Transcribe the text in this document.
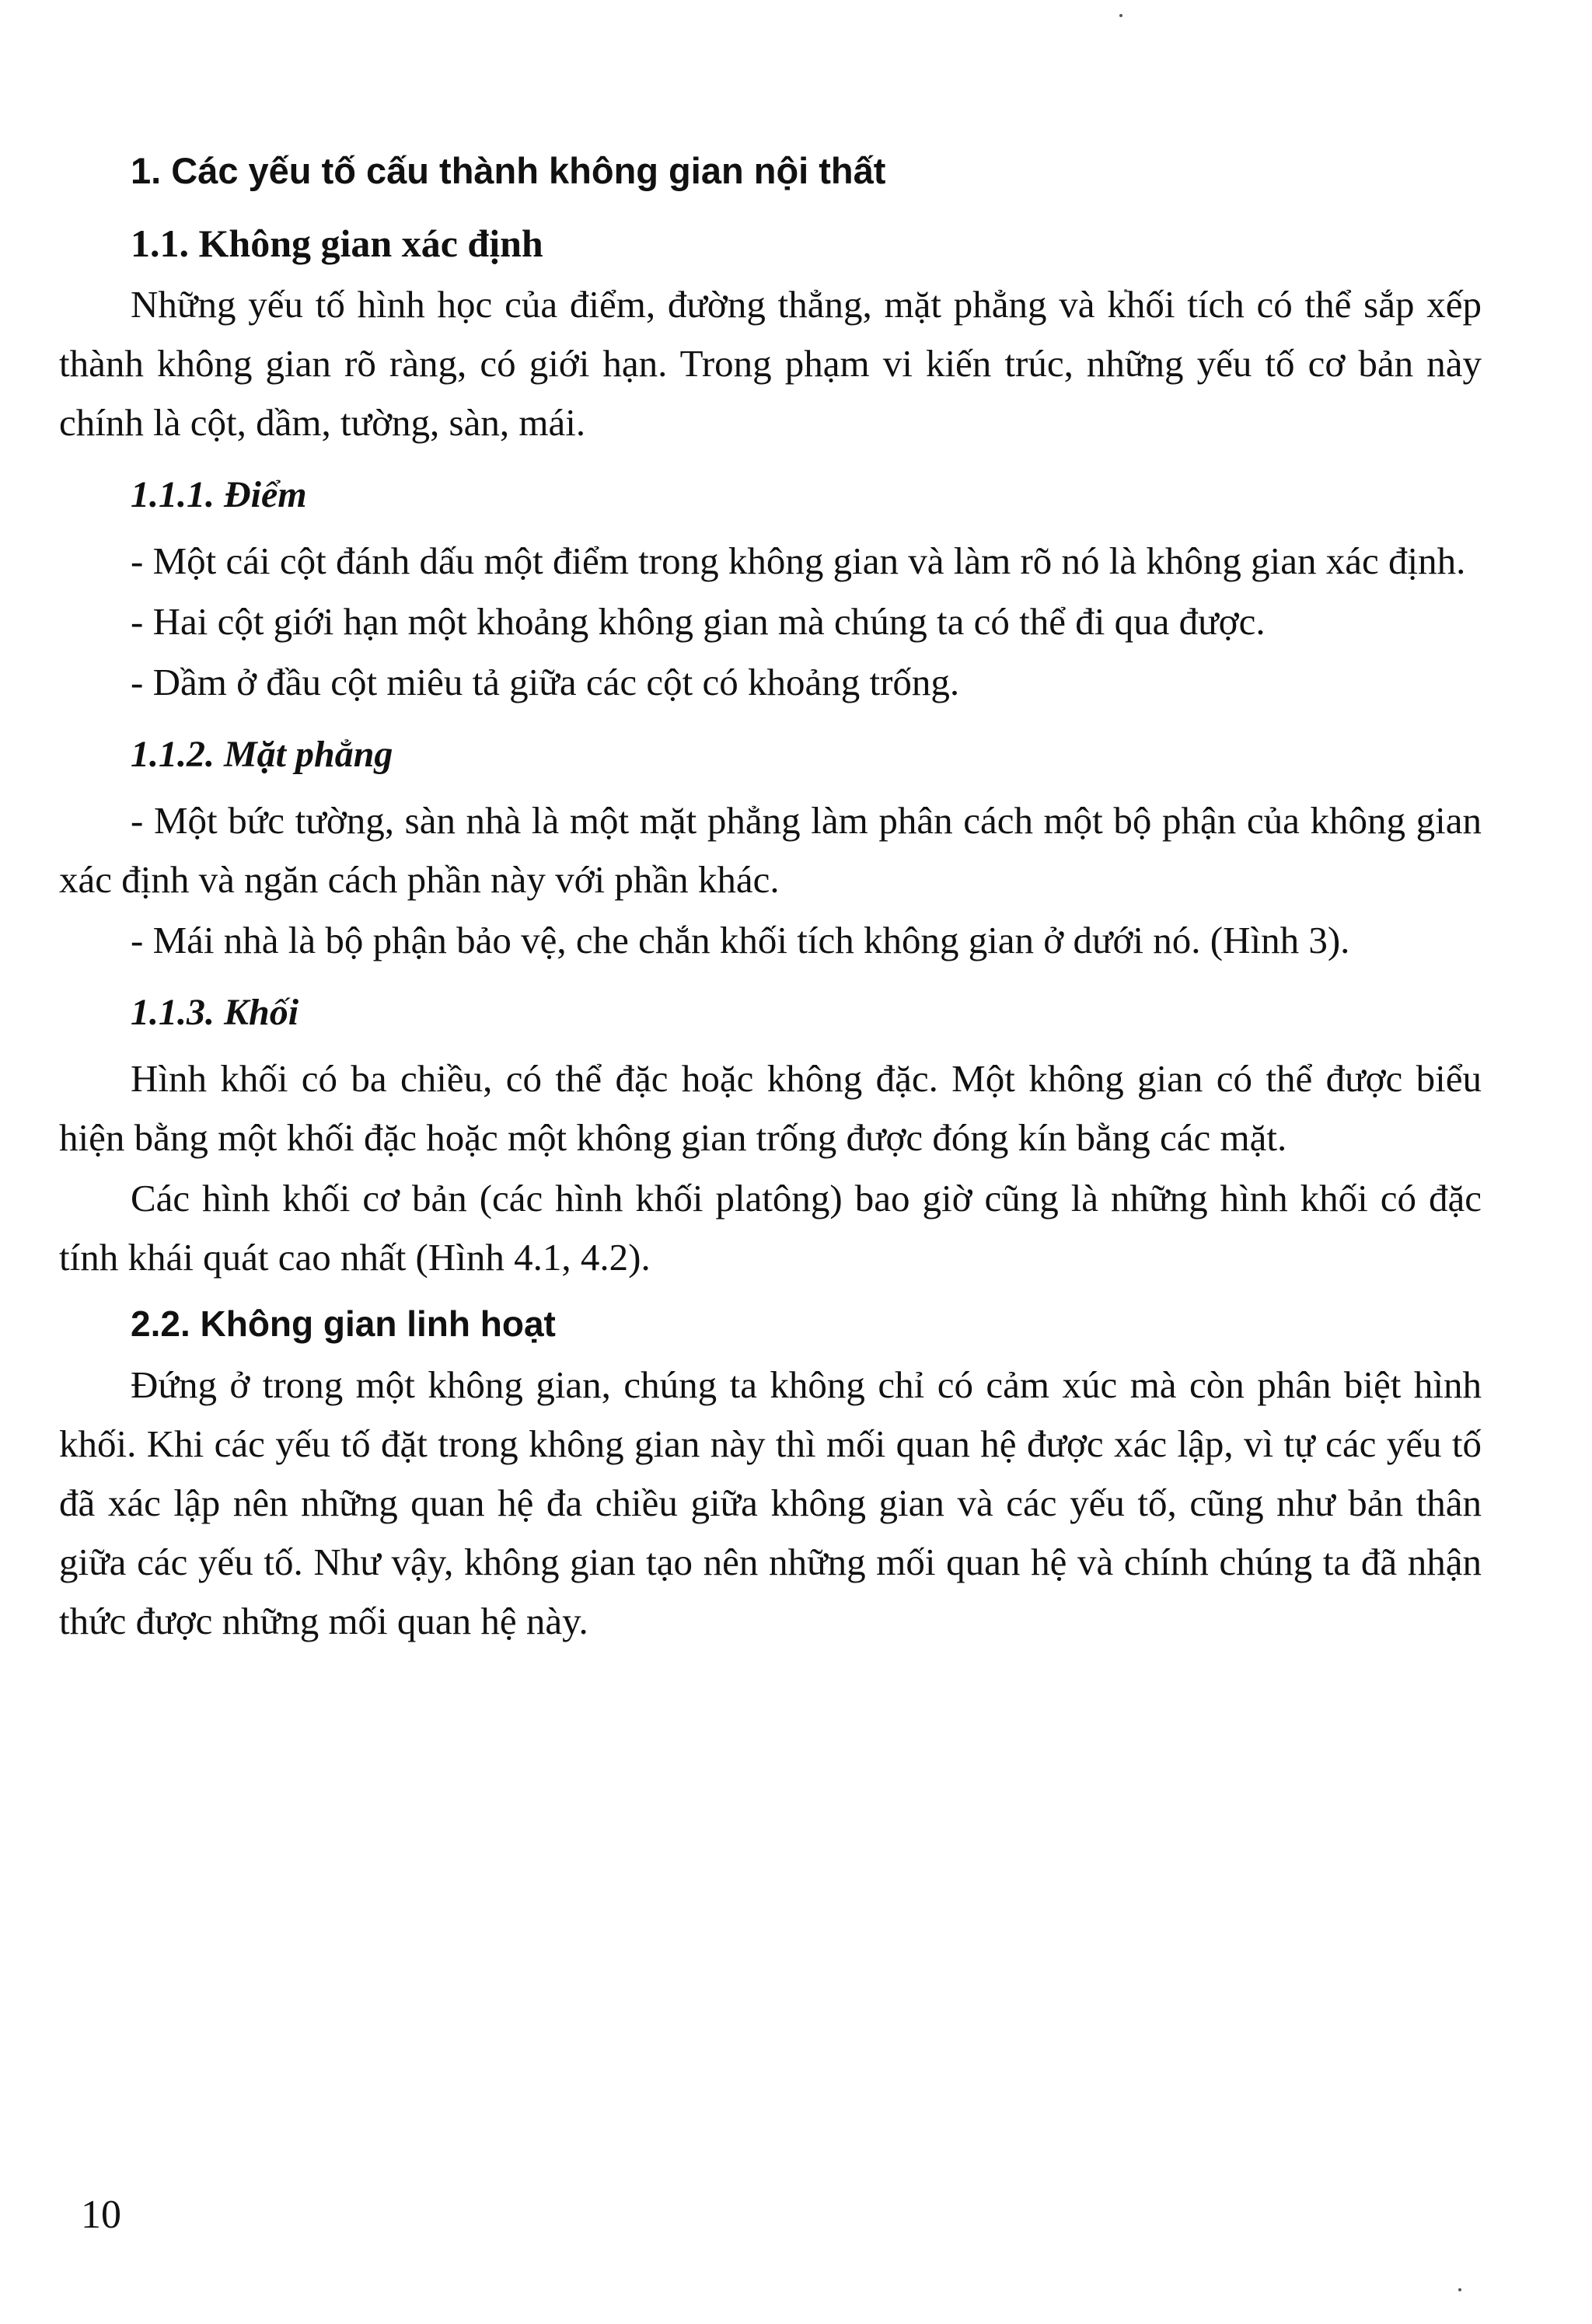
1. Các yếu tố cấu thành không gian nội thất
1.1. Không gian xác định

Những yếu tố hình học của điểm, đường thẳng, mặt phẳng và khối tích có thể sắp xếp thành không gian rõ ràng, có giới hạn. Trong phạm vi kiến trúc, những yếu tố cơ bản này chính là cột, dầm, tường, sàn, mái.

1.1.1. Điểm

- Một cái cột đánh dấu một điểm trong không gian và làm rõ nó là không gian xác định.

- Hai cột giới hạn một khoảng không gian mà chúng ta có thể đi qua được.

- Dầm ở đầu cột miêu tả giữa các cột có khoảng trống.

1.1.2. Mặt phẳng

- Một bức tường, sàn nhà là một mặt phẳng làm phân cách một bộ phận của không gian xác định và ngăn cách phần này với phần khác.

- Mái nhà là bộ phận bảo vệ, che chắn khối tích không gian ở dưới nó. (Hình 3).

1.1.3. Khối

Hình khối có ba chiều, có thể đặc hoặc không đặc. Một không gian có thể được biểu hiện bằng một khối đặc hoặc một không gian trống được đóng kín bằng các mặt.

Các hình khối cơ bản (các hình khối platông) bao giờ cũng là những hình khối có đặc tính khái quát cao nhất (Hình 4.1, 4.2).

2.2. Không gian linh hoạt

Đứng ở trong một không gian, chúng ta không chỉ có cảm xúc mà còn phân biệt hình khối. Khi các yếu tố đặt trong không gian này thì mối quan hệ được xác lập, vì tự các yếu tố đã xác lập nên những quan hệ đa chiều giữa không gian và các yếu tố, cũng như bản thân giữa các yếu tố. Như vậy, không gian tạo nên những mối quan hệ và chính chúng ta đã nhận thức được những mối quan hệ này.

10
